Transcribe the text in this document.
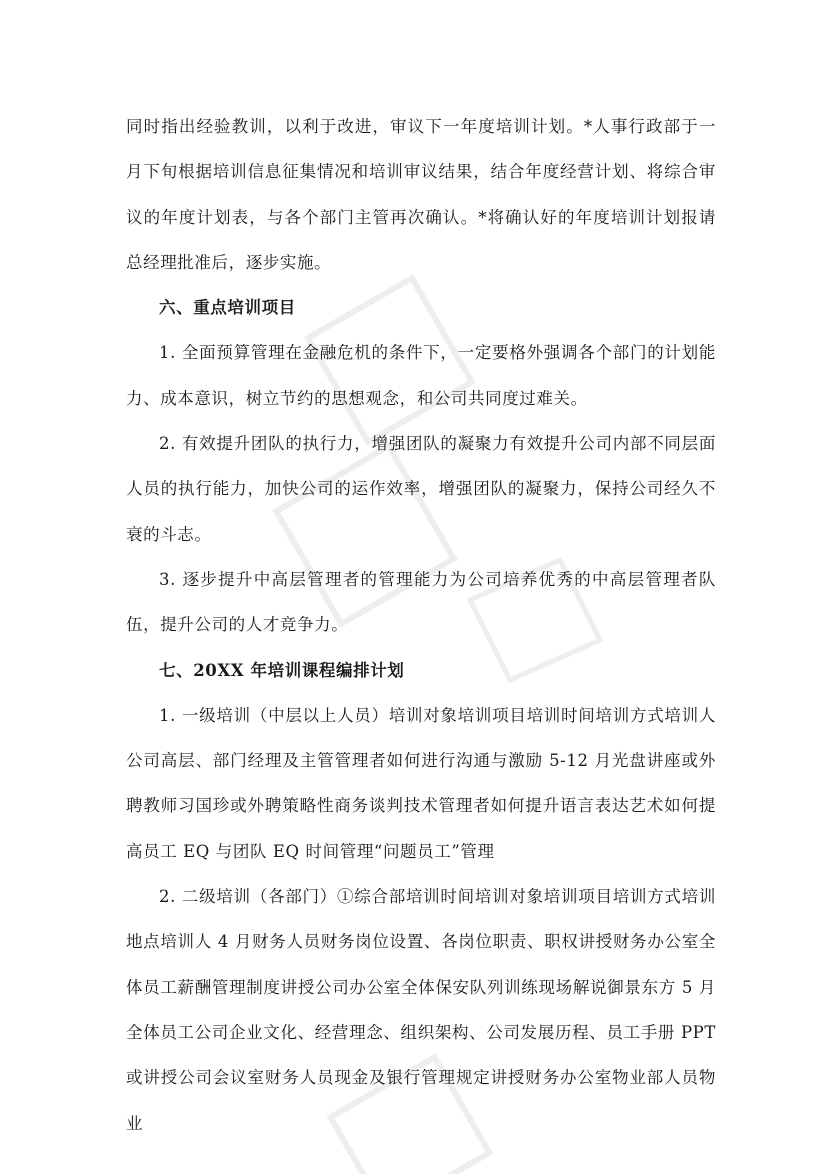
同时指出经验教训，以利于改进，审议下一年度培训计划。*人事行政部于一月下旬根据培训信息征集情况和培训审议结果，结合年度经营计划、将综合审议的年度计划表，与各个部门主管再次确认。*将确认好的年度培训计划报请总经理批准后，逐步实施。

六、重点培训项目

1. 全面预算管理在金融危机的条件下，一定要格外强调各个部门的计划能力、成本意识，树立节约的思想观念，和公司共同度过难关。

2. 有效提升团队的执行力，增强团队的凝聚力有效提升公司内部不同层面人员的执行能力，加快公司的运作效率，增强团队的凝聚力，保持公司经久不衰的斗志。

3. 逐步提升中高层管理者的管理能力为公司培养优秀的中高层管理者队伍，提升公司的人才竞争力。

七、20XX 年培训课程编排计划

1. 一级培训（中层以上人员）培训对象培训项目培训时间培训方式培训人公司高层、部门经理及主管管理者如何进行沟通与激励 5-12 月光盘讲座或外聘教师习国珍或外聘策略性商务谈判技术管理者如何提升语言表达艺术如何提高员工 EQ 与团队 EQ 时间管理“问题员工”管理

2. 二级培训（各部门）①综合部培训时间培训对象培训项目培训方式培训地点培训人 4 月财务人员财务岗位设置、各岗位职责、职权讲授财务办公室全体员工薪酬管理制度讲授公司办公室全体保安队列训练现场解说御景东方 5 月全体员工公司企业文化、经营理念、组织架构、公司发展历程、员工手册 PPT 或讲授公司会议室财务人员现金及银行管理规定讲授财务办公室物业部人员物业
